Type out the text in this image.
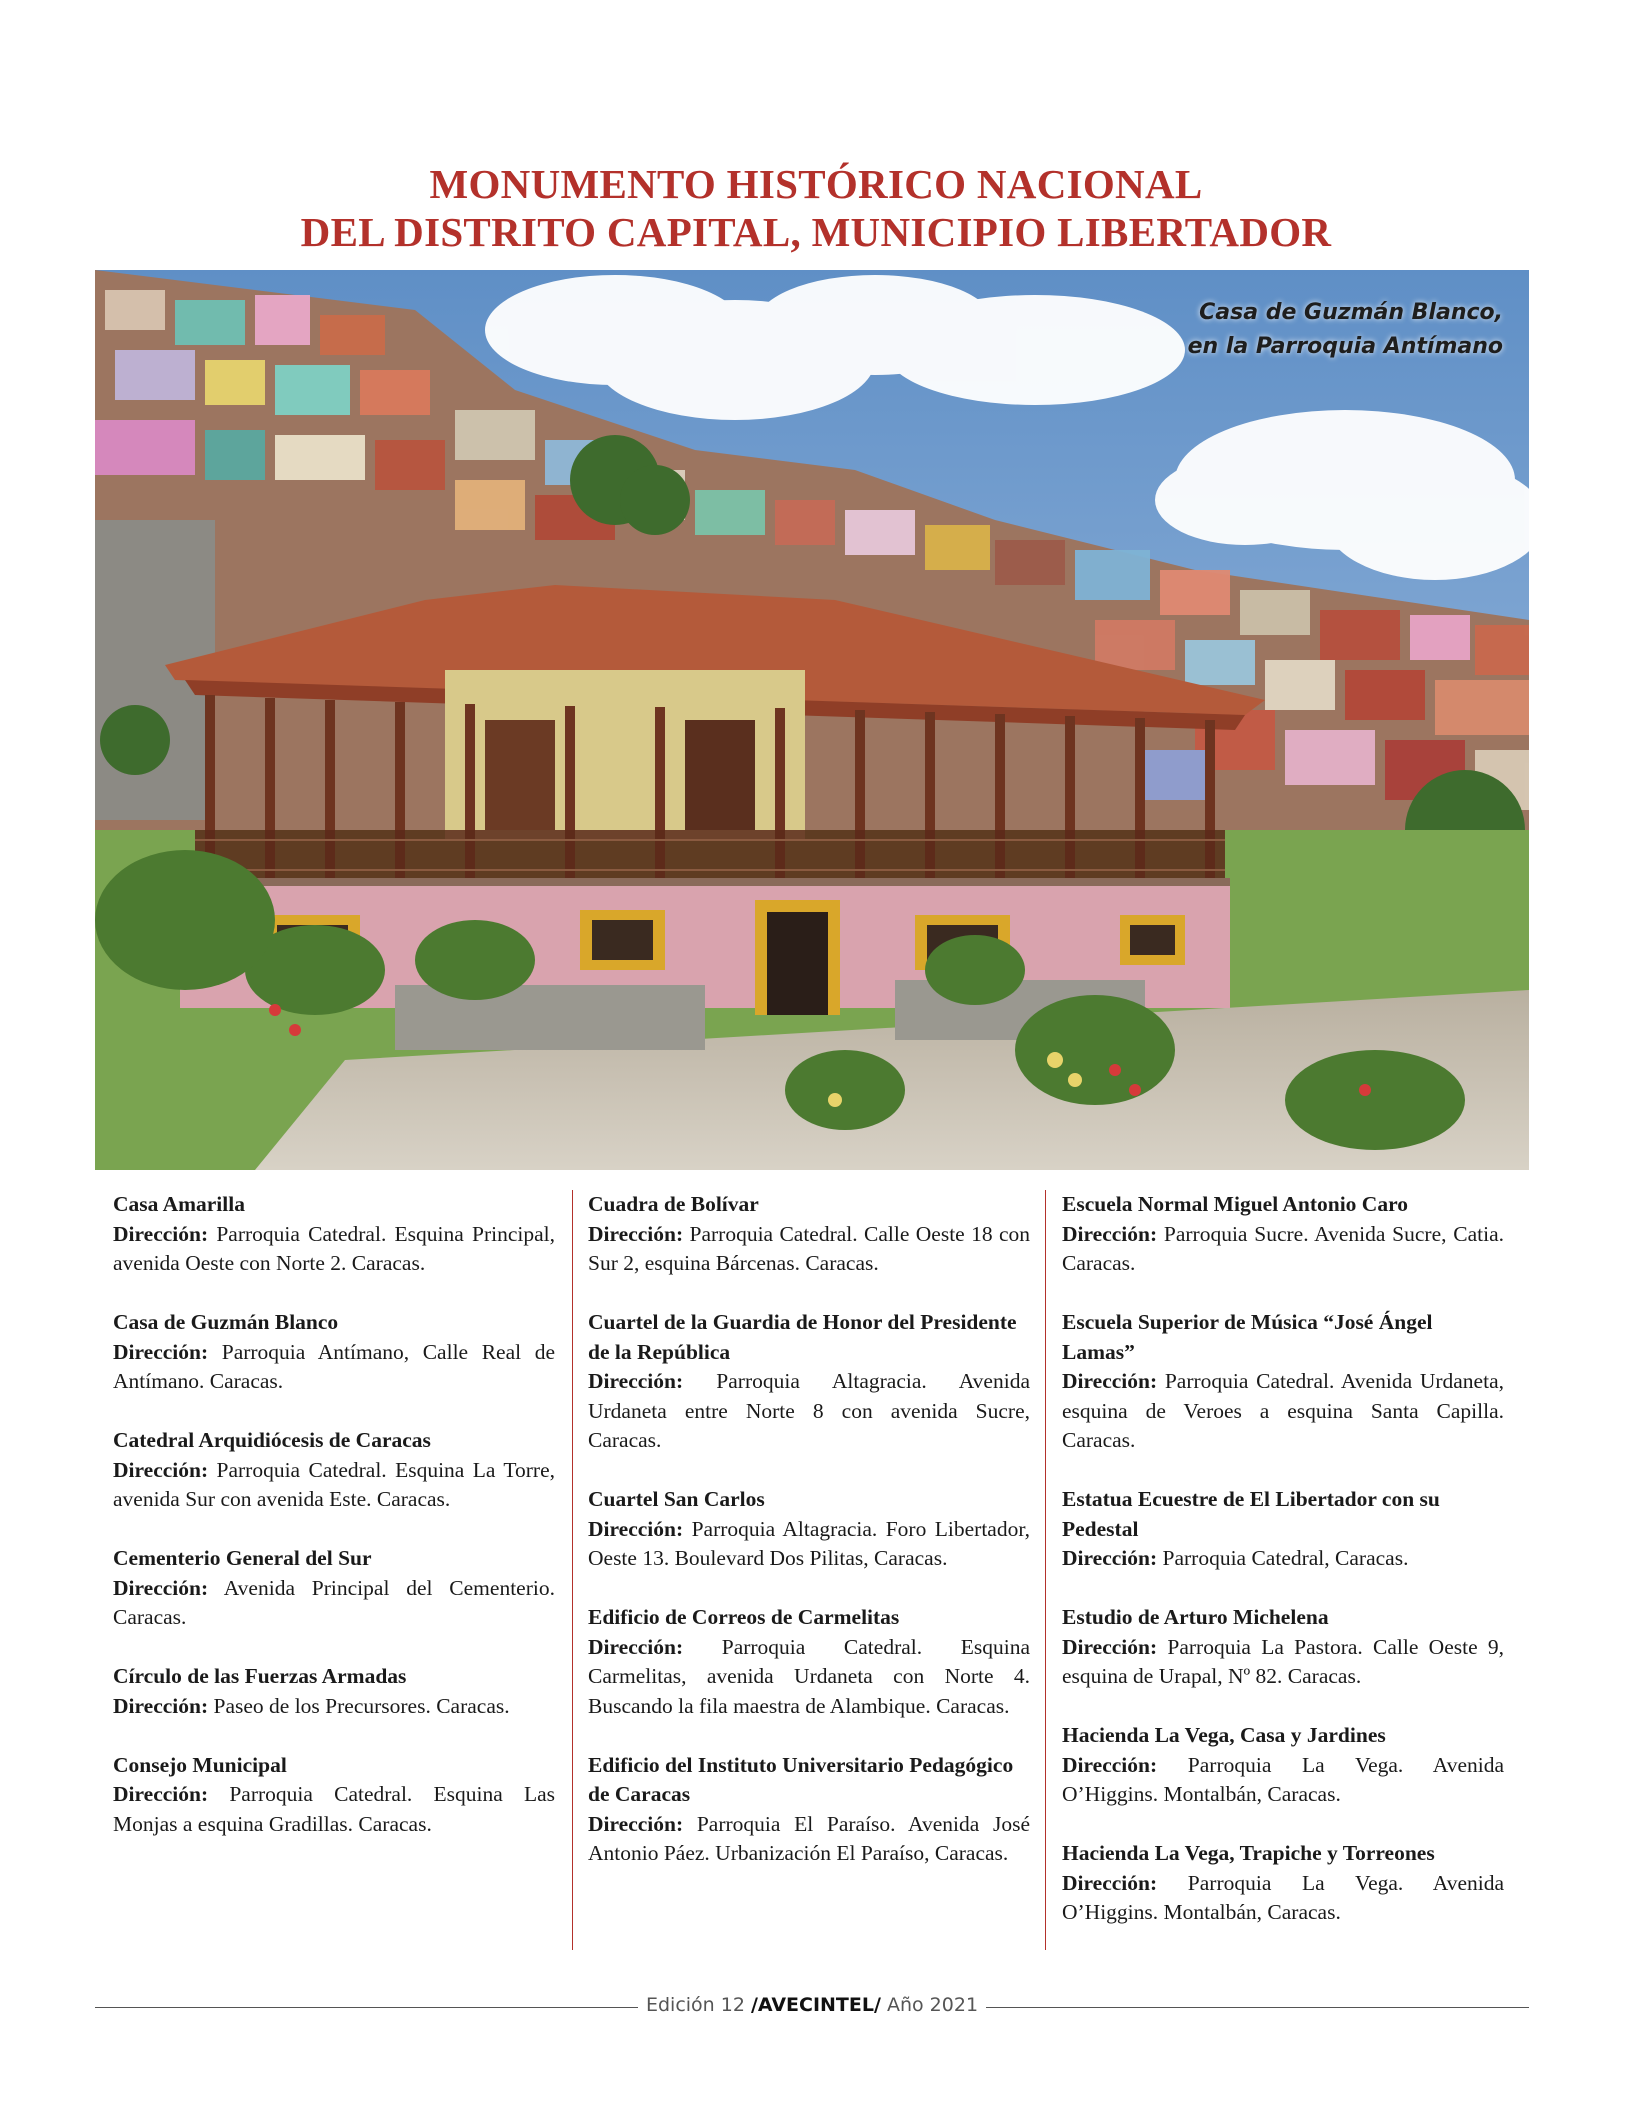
MONUMENTO HISTÓRICO NACIONAL
DEL DISTRITO CAPITAL, MUNICIPIO LIBERTADOR
Casa de Guzmán Blanco,
en la Parroquia Antímano
Casa Amarilla
Dirección: Parroquia Catedral. Esquina Principal, avenida Oeste con Norte 2. Caracas.
Casa de Guzmán Blanco
Dirección: Parroquia Antímano, Calle Real de Antímano. Caracas.
Catedral Arquidiócesis de Caracas
Dirección: Parroquia Catedral. Esquina La Torre, avenida Sur con avenida Este. Caracas.
Cementerio General del Sur
Dirección: Avenida Principal del Cementerio. Caracas.
Círculo de las Fuerzas Armadas
Dirección: Paseo de los Precursores. Caracas.
Consejo Municipal
Dirección: Parroquia Catedral. Esquina Las Monjas a esquina Gradillas. Caracas.
Cuadra de Bolívar
Dirección: Parroquia Catedral. Calle Oeste 18 con Sur 2, esquina Bárcenas. Caracas.
Cuartel de la Guardia de Honor del Presidente de la República
Dirección: Parroquia Altagracia. Avenida Urdaneta entre Norte 8 con avenida Sucre, Caracas.
Cuartel San Carlos
Dirección: Parroquia Altagracia. Foro Libertador, Oeste 13. Boulevard Dos Pilitas, Caracas.
Edificio de Correos de Carmelitas
Dirección: Parroquia Catedral. Esquina Carmelitas, avenida Urdaneta con Norte 4. Buscando la fila maestra de Alambique. Caracas.
Edificio del Instituto Universitario Pedagógico de Caracas
Dirección: Parroquia El Paraíso. Avenida José Antonio Páez. Urbanización El Paraíso, Caracas.
Escuela Normal Miguel Antonio Caro
Dirección: Parroquia Sucre. Avenida Sucre, Catia. Caracas.
Escuela Superior de Música “José Ángel Lamas”
Dirección: Parroquia Catedral. Avenida Urdaneta, esquina de Veroes a esquina Santa Capilla. Caracas.
Estatua Ecuestre de El Libertador con su Pedestal
Dirección: Parroquia Catedral, Caracas.
Estudio de Arturo Michelena
Dirección: Parroquia La Pastora. Calle Oeste 9, esquina de Urapal, Nº 82. Caracas.
Hacienda La Vega, Casa y Jardines
Dirección: Parroquia La Vega. Avenida O’Higgins. Montalbán, Caracas.
Hacienda La Vega, Trapiche y Torreones
Dirección: Parroquia La Vega. Avenida O’Higgins. Montalbán, Caracas.
Edición 12 /AVECINTEL/ Año 2021
